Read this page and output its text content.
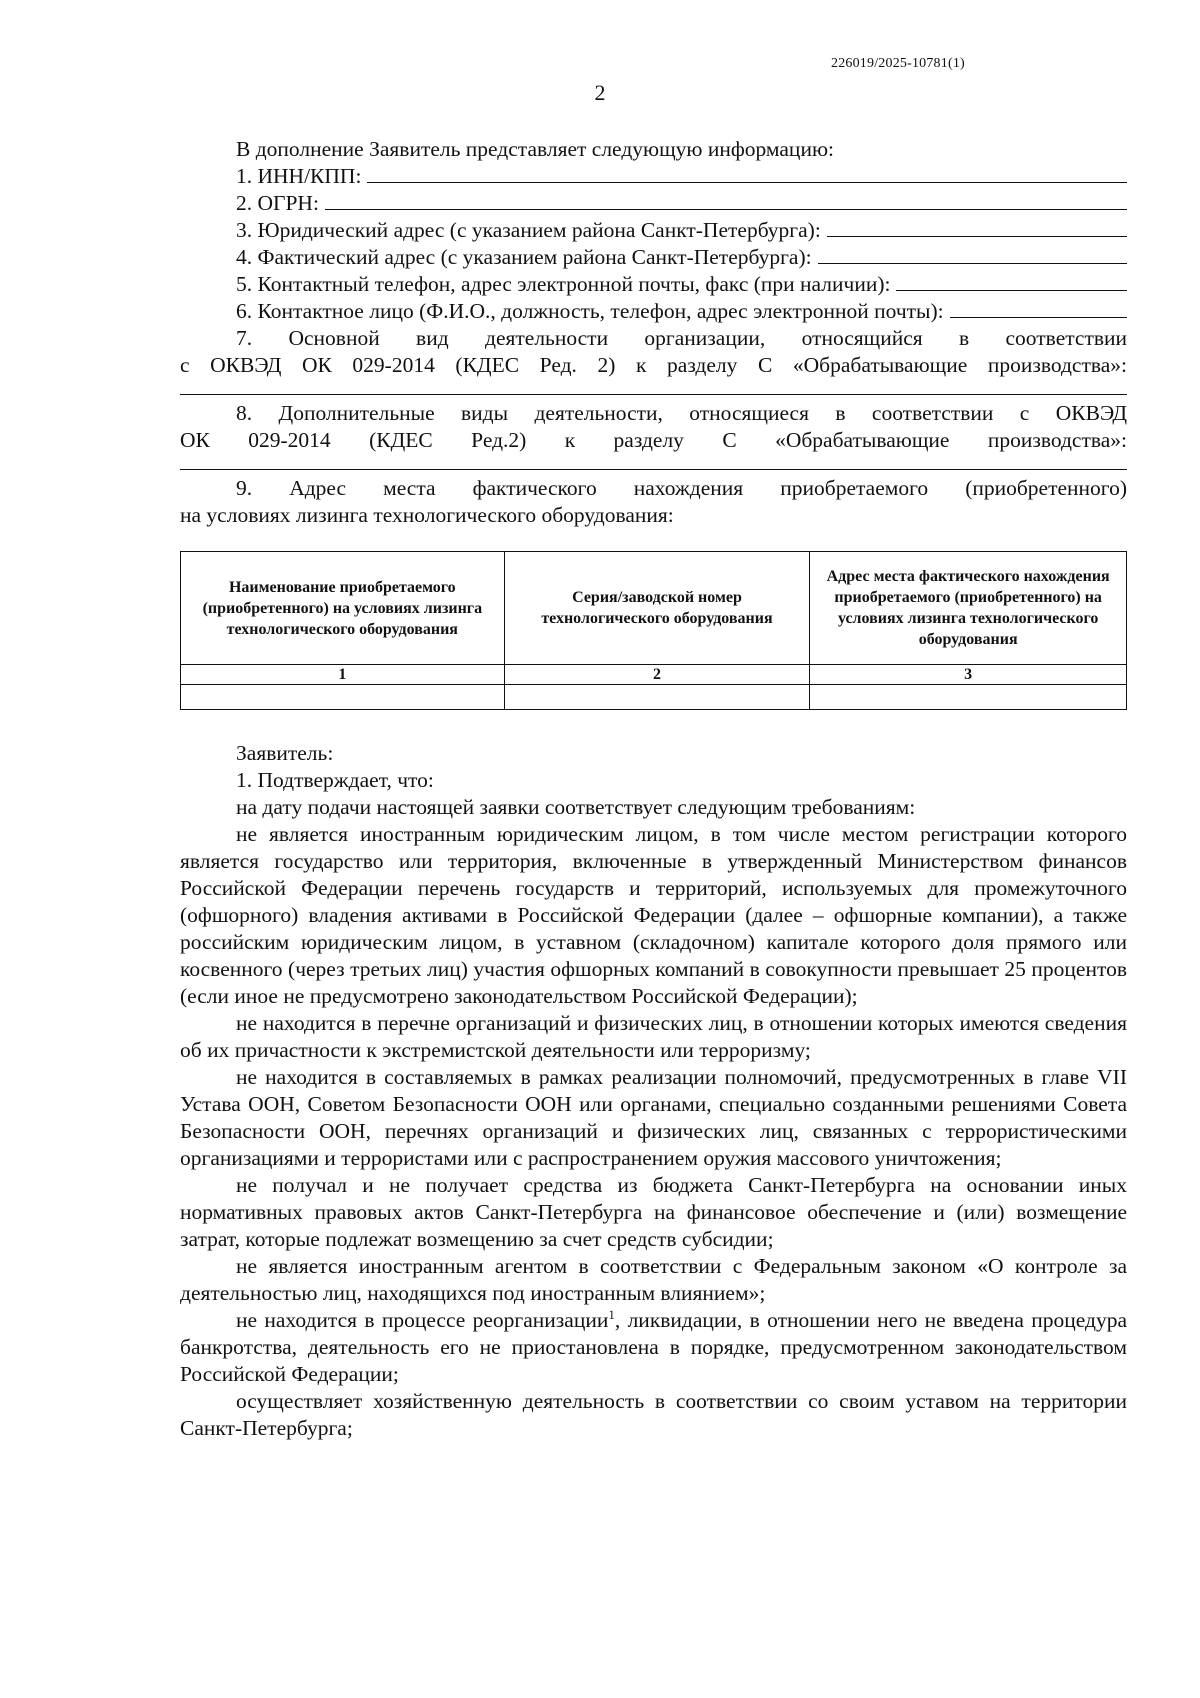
226019/2025-10781(1)
2

В дополнение Заявитель представляет следующую информацию:

1. ИНН/КПП:
2. ОГРН:
3. Юридический адрес (с указанием района Санкт-Петербурга):
4. Фактический адрес (с указанием района Санкт-Петербурга):
5. Контактный телефон, адрес электронной почты, факс (при наличии):
6. Контактное лицо (Ф.И.О., должность, телефон, адрес электронной почты):

7. Основной вид деятельности организации, относящийся в соответствии

с ОКВЭД ОК 029-2014 (КДЕС Ред. 2) к разделу С «Обрабатывающие производства»:

8. Дополнительные виды деятельности, относящиеся в соответствии с ОКВЭД

ОК 029-2014 (КДЕС Ред.2) к разделу С «Обрабатывающие производства»:

9. Адрес места фактического нахождения приобретаемого (приобретенного)

на условиях лизинга технологического оборудования:

Наименование приобретаемого (приобретенного) на условиях лизинга технологического оборудования	Серия/заводской номер технологического оборудования	Адрес места фактического нахождения приобретаемого (приобретенного) на условиях лизинга технологического оборудования
1	2	3

Заявитель:

1. Подтверждает, что:

на дату подачи настоящей заявки соответствует следующим требованиям:

не является иностранным юридическим лицом, в том числе местом регистрации которого является государство или территория, включенные в утвержденный Министерством финансов Российской Федерации перечень государств и территорий, используемых для промежуточного (офшорного) владения активами в Российской Федерации (далее – офшорные компании), а также российским юридическим лицом, в уставном (складочном) капитале которого доля прямого или косвенного (через третьих лиц) участия офшорных компаний в совокупности превышает 25 процентов (если иное не предусмотрено законодательством Российской Федерации);

не находится в перечне организаций и физических лиц, в отношении которых имеются сведения об их причастности к экстремистской деятельности или терроризму;

не находится в составляемых в рамках реализации полномочий, предусмотренных в главе VII Устава ООН, Советом Безопасности ООН или органами, специально созданными решениями Совета Безопасности ООН, перечнях организаций и физических лиц, связанных с террористическими организациями и террористами или с распространением оружия массового уничтожения;

не получал и не получает средства из бюджета Санкт-Петербурга на основании иных нормативных правовых актов Санкт-Петербурга на финансовое обеспечение и (или) возмещение затрат, которые подлежат возмещению за счет средств субсидии;

не является иностранным агентом в соответствии с Федеральным законом «О контроле за деятельностью лиц, находящихся под иностранным влиянием»;

не находится в процессе реорганизации$^1$, ликвидации, в отношении него не введена процедура банкротства, деятельность его не приостановлена в порядке, предусмотренном законодательством Российской Федерации;

осуществляет хозяйственную деятельность в соответствии со своим уставом на территории Санкт-Петербурга;
